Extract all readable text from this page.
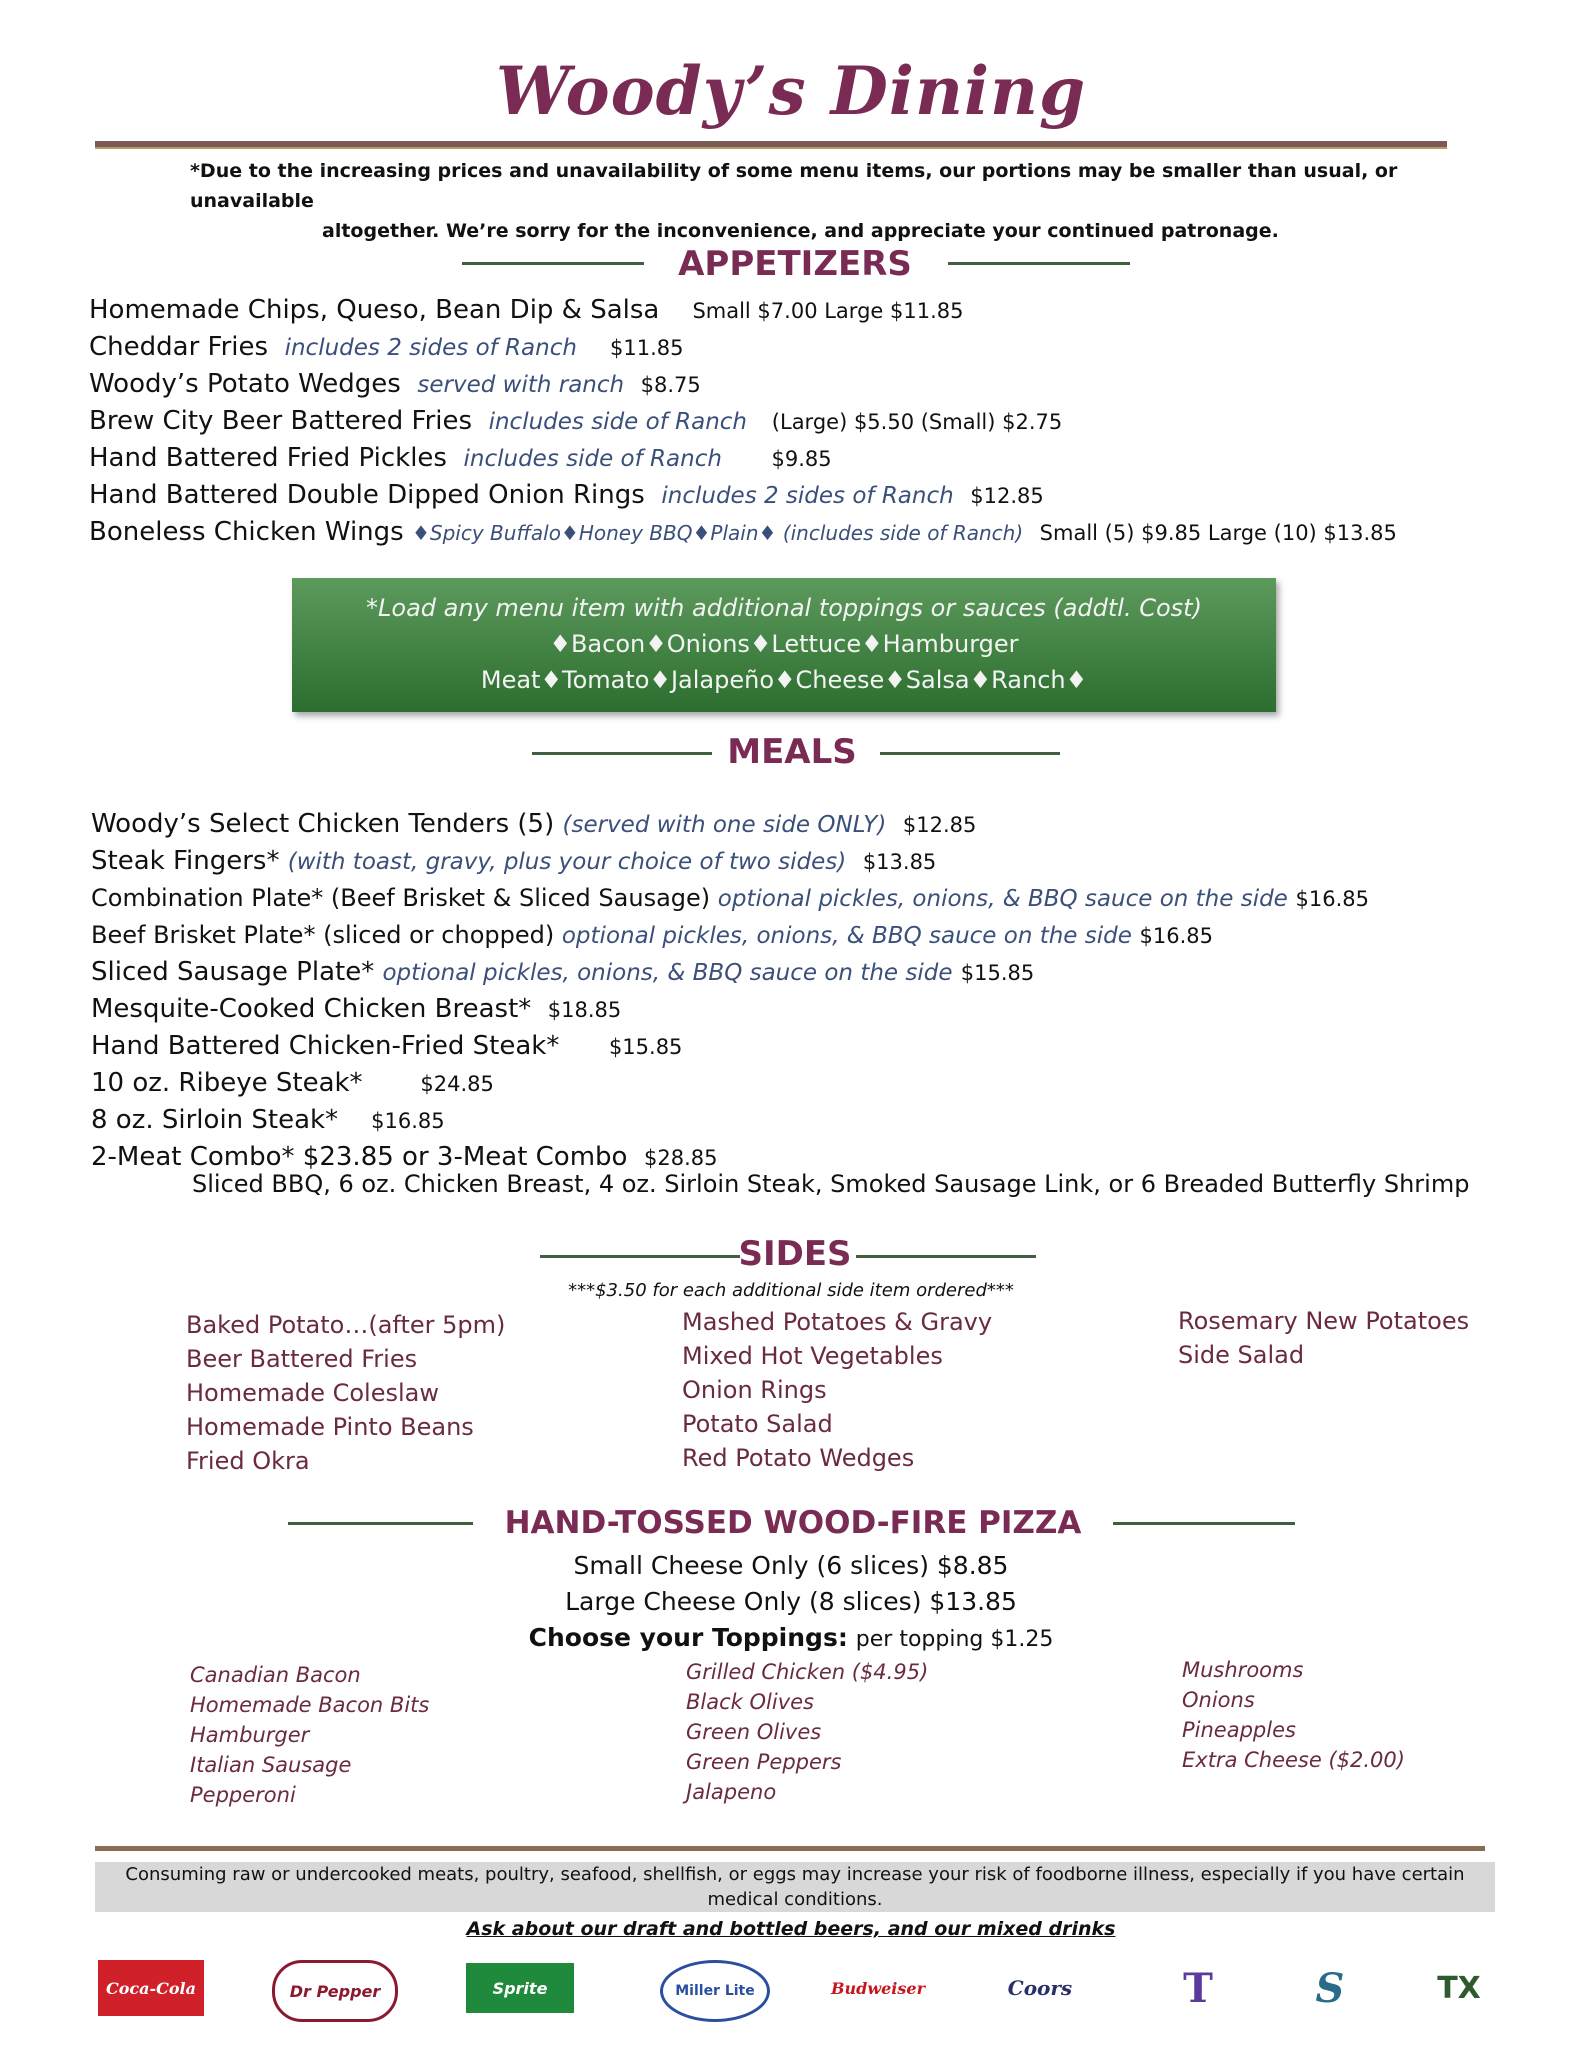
Woody’s Dining
*Due to the increasing prices and unavailability of some menu items, our portions may be smaller than usual, or unavailable
altogether. We’re sorry for the inconvenience, and appreciate your continued patronage.
APPETIZERS
Homemade Chips, Queso, Bean Dip & Salsa Small $7.00 Large $11.85
Cheddar Fries includes 2 sides of Ranch $11.85
Woody’s Potato Wedges served with ranch $8.75
Brew City Beer Battered Fries includes side of Ranch (Large) $5.50 (Small) $2.75
Hand Battered Fried Pickles includes side of Ranch $9.85
Hand Battered Double Dipped Onion Rings includes 2 sides of Ranch $12.85
Boneless Chicken Wings ♦Spicy Buffalo♦Honey BBQ♦Plain♦ (includes side of Ranch) Small (5) $9.85 Large (10) $13.85
*Load any menu item with additional toppings or sauces (addtl. Cost)
♦Bacon♦Onions♦Lettuce♦Hamburger
Meat♦Tomato♦Jalapeño♦Cheese♦Salsa♦Ranch♦
MEALS
Woody’s Select Chicken Tenders (5) (served with one side ONLY) $12.85
Steak Fingers* (with toast, gravy, plus your choice of two sides) $13.85
Combination Plate* (Beef Brisket & Sliced Sausage) optional pickles, onions, & BBQ sauce on the side $16.85
Beef Brisket Plate* (sliced or chopped) optional pickles, onions, & BBQ sauce on the side $16.85
Sliced Sausage Plate* optional pickles, onions, & BBQ sauce on the side $15.85
Mesquite-Cooked Chicken Breast* $18.85
Hand Battered Chicken-Fried Steak* $15.85
10 oz. Ribeye Steak*	$24.85
8 oz. Sirloin Steak* $16.85
2-Meat Combo* $23.85 or 3-Meat Combo $28.85
Sliced BBQ, 6 oz. Chicken Breast, 4 oz. Sirloin Steak, Smoked Sausage Link, or 6 Breaded Butterfly Shrimp
SIDES
***$3.50 for each additional side item ordered***
Baked Potato…(after 5pm)
Beer Battered Fries
Homemade Coleslaw
Homemade Pinto Beans
Fried Okra
Mashed Potatoes & Gravy
Mixed Hot Vegetables
Onion Rings
Potato Salad
Red Potato Wedges
Rosemary New Potatoes
Side Salad
HAND-TOSSED WOOD-FIRE PIZZA
Small Cheese Only (6 slices) $8.85
Large Cheese Only (8 slices) $13.85
Choose your Toppings: per topping $1.25
Canadian Bacon
Homemade Bacon Bits
Hamburger
Italian Sausage
Pepperoni
Grilled Chicken ($4.95)
Black Olives
Green Olives
Green Peppers
Jalapeno
Mushrooms
Onions
Pineapples
Extra Cheese ($2.00)
Consuming raw or undercooked meats, poultry, seafood, shellfish, or eggs may increase your risk of foodborne illness, especially if you have certain medical conditions.
Ask about our draft and bottled beers, and our mixed drinks
Coca-Cola	Dr Pepper	Sprite	Miller Lite	Budweiser	Coors	T	S	TX
